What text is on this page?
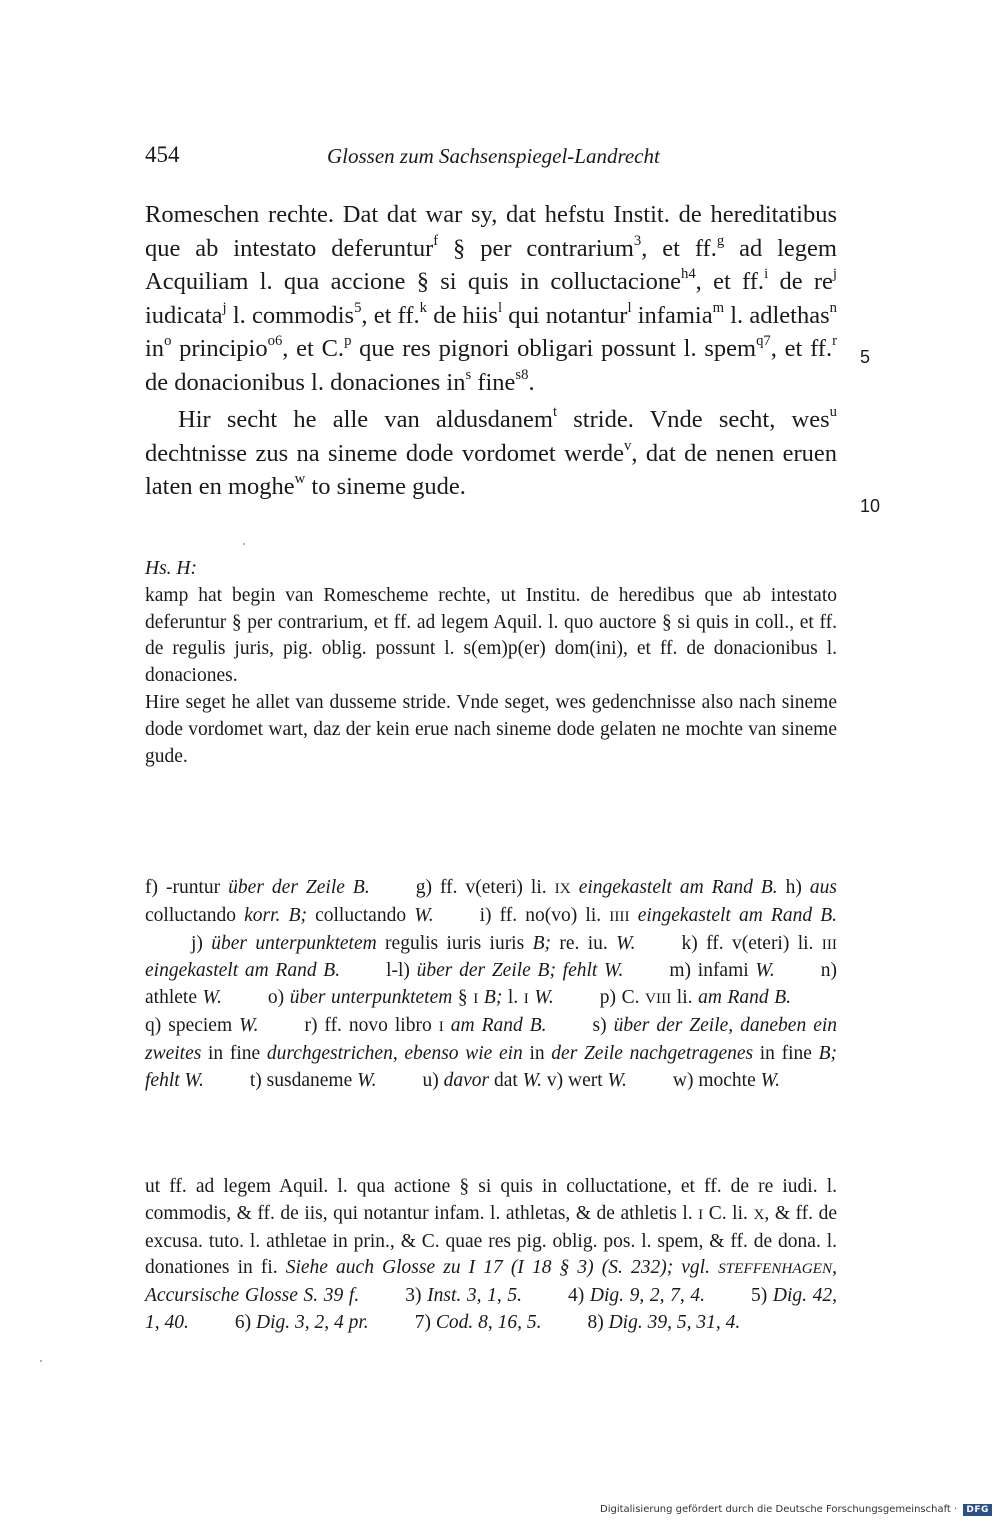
454	Glossen zum Sachsenspiegel-Landrecht

Romeschen rechte. Dat dat war sy, dat hefstu Instit. de hereditatibus que ab intestato deferuntur$^f$ § per contrarium$^3$, et ff.$^g$ ad legem Acquiliam l. qua accione § si quis in colluctacione$^{h4}$, et ff.$^i$ de $re^j$ iudicata$^j$ l. commodis$^5$, et ff.$^k$ de hiis$^l$ qui notantur$^l$ infamia$^m$ l. adlethas$^n$ $in^o$ principio$^{o6}$, et C.$^p$ que res pignori obligari possunt l. spem$^{q7}$, et ff.$^r$ de donacionibus l. donaciones $in^s$ fine$^{s8}$.

Hir secht he alle van aldusdanem$^t$ stride. Vnde secht, wes$^u$ dechtnisse zus na sineme dode vordomet werde$^v$, dat de nenen eruen laten en moghe$^w$ to sineme gude.

5
10

Hs. H:

kamp hat begin van Romescheme rechte, ut Institu. de heredibus que ab intestato deferuntur § per contrarium, et ff. ad legem Aquil. l. quo auctore § si quis in coll., et ff. de regulis juris, pig. oblig. possunt l. s(em)p(er) dom(ini), et ff. de donacionibus l. donaciones.

Hire seget he allet van dusseme stride. Vnde seget, wes gedenchnisse also nach sineme dode vordomet wart, daz der kein erue nach sineme dode gelaten ne mochte van sineme gude.

f) -runtur über der Zeile B. g) ff. v(eteri) li. IX eingekastelt am Rand B. h) aus colluctando korr. B; colluctando W. i) ff. no(vo) li. IIII eingekastelt am Rand B.j) über unterpunktetem regulis iuris iuris B; re. iu. W. k) ff. v(eteri) li. III eingekastelt am Rand B. l-l) über der Zeile B; fehlt W. m) infami W. n) athlete W. o) über unterpunktetem § I B; l. I W. p) C. VIII li. am Rand B.q) speciem W. r) ff. novo libro I am Rand B. s) über der Zeile, daneben ein zweites in fine durchgestrichen, ebenso wie ein in der Zeile nachgetragenes in fine B; fehlt W. t) susdaneme W. u) davor dat W. v) wert W. w) mochte W.

ut ff. ad legem Aquil. l. qua actione § si quis in colluctatione, et ff. de re iudi. l. commodis, & ff. de iis, qui notantur infam. l. athletas, & de athletis l. I C. li. X, & ff. de excusa. tuto. l. athletae in prin., & C. quae res pig. oblig. pos. l. spem, & ff. de dona. l. donationes in fi. Siehe auch Glosse zu I 17 (I 18 § 3) (S. 232); vgl. STEFFENHAGEN, Accursische Glosse S. 39 f. 3) Inst. 3, 1, 5. 4) Dig. 9, 2, 7, 4. 5) Dig. 42, 1, 40. 6) Dig. 3, 2, 4 pr. 7) Cod. 8, 16, 5. 8) Dig. 39, 5, 31, 4.

Digitalisierung gefördert durch die Deutsche Forschungsgemeinschaft · DFG
